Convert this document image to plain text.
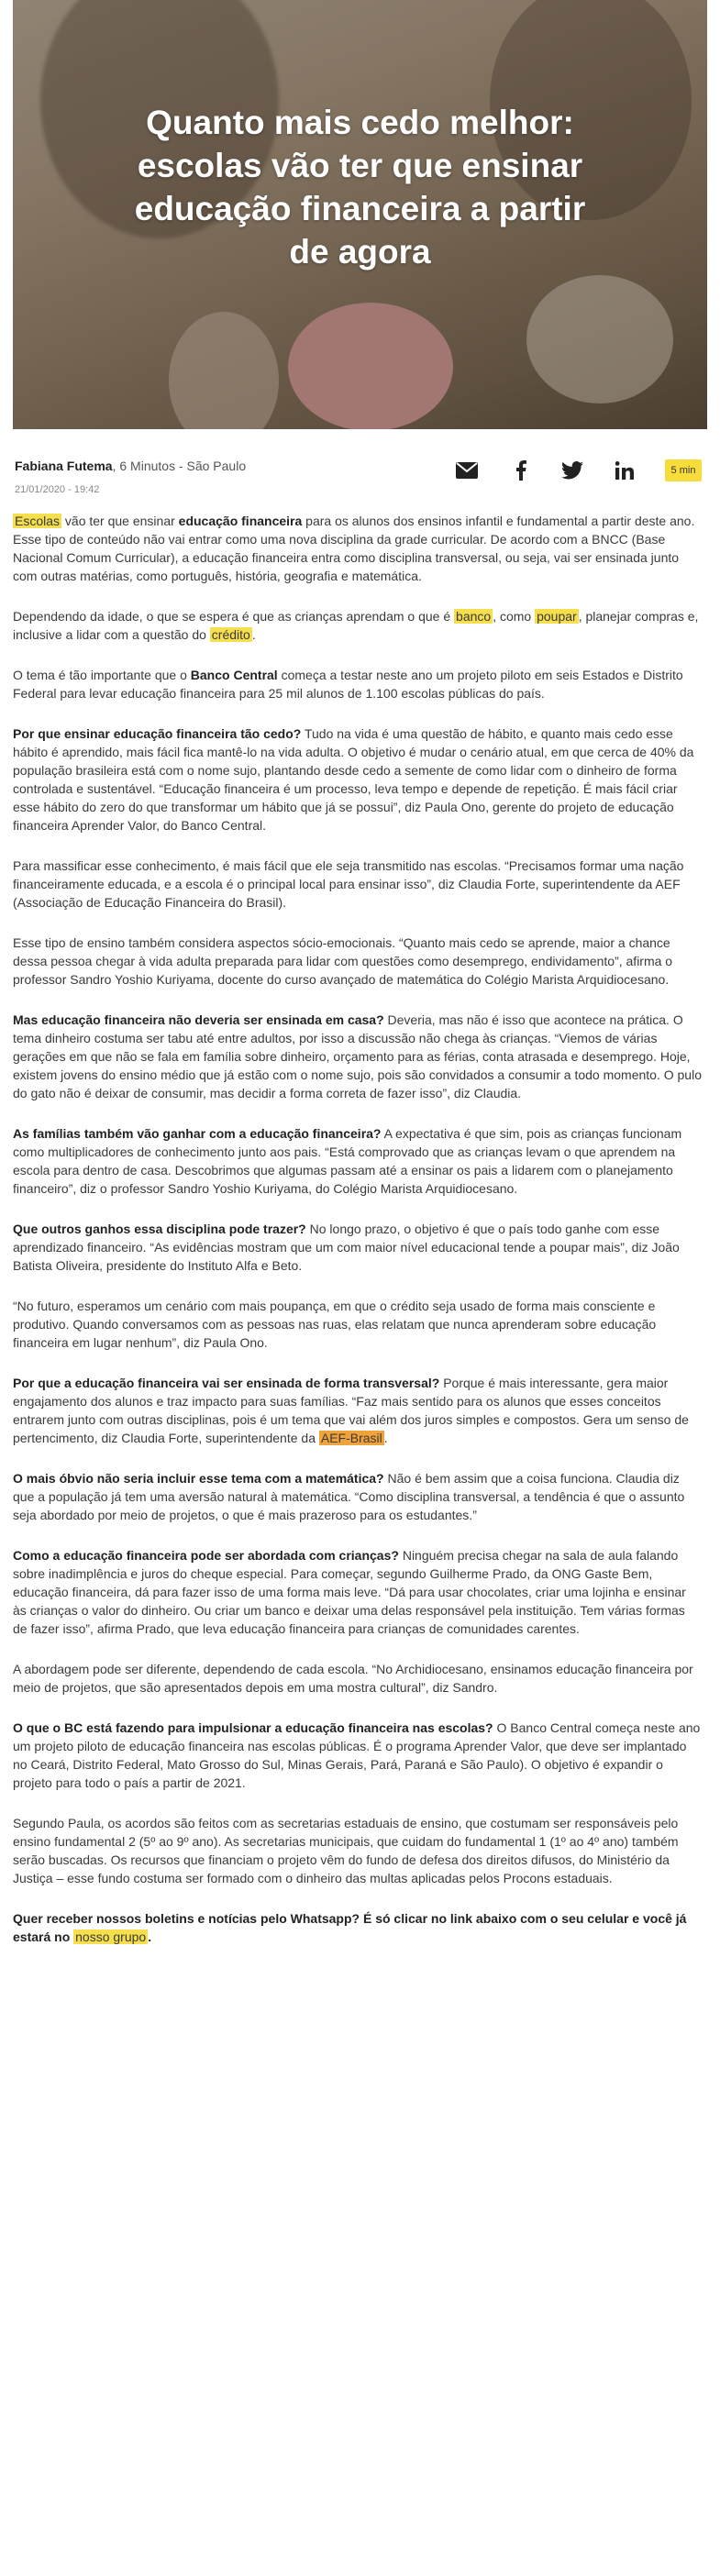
Quanto mais cedo melhor: escolas vão ter que ensinar educação financeira a partir de agora
Fabiana Futema, 6 Minutos - São Paulo
21/01/2020 - 19:42
5 min

Escolas vão ter que ensinar educação financeira para os alunos dos ensinos infantil e fundamental a partir deste ano. Esse tipo de conteúdo não vai entrar como uma nova disciplina da grade curricular. De acordo com a BNCC (Base Nacional Comum Curricular), a educação financeira entra como disciplina transversal, ou seja, vai ser ensinada junto com outras matérias, como português, história, geografia e matemática.

Dependendo da idade, o que se espera é que as crianças aprendam o que é banco , como poupar , planejar compras e, inclusive a lidar com a questão do crédito .

O tema é tão importante que o Banco Central começa a testar neste ano um projeto piloto em seis Estados e Distrito Federal para levar educação financeira para 25 mil alunos de 1.100 escolas públicas do país.

Por que ensinar educação financeira tão cedo? Tudo na vida é uma questão de hábito, e quanto mais cedo esse hábito é aprendido, mais fácil fica mantê-lo na vida adulta. O objetivo é mudar o cenário atual, em que cerca de 40% da população brasileira está com o nome sujo, plantando desde cedo a semente de como lidar com o dinheiro de forma controlada e sustentável. “Educação financeira é um processo, leva tempo e depende de repetição. É mais fácil criar esse hábito do zero do que transformar um hábito que já se possui”, diz Paula Ono, gerente do projeto de educação financeira Aprender Valor, do Banco Central.

Para massificar esse conhecimento, é mais fácil que ele seja transmitido nas escolas. “Precisamos formar uma nação financeiramente educada, e a escola é o principal local para ensinar isso”, diz Claudia Forte, superintendente da AEF (Associação de Educação Financeira do Brasil).

Esse tipo de ensino também considera aspectos sócio-emocionais. “Quanto mais cedo se aprende, maior a chance dessa pessoa chegar à vida adulta preparada para lidar com questões como desemprego, endividamento”, afirma o professor Sandro Yoshio Kuriyama, docente do curso avançado de matemática do Colégio Marista Arquidiocesano.

Mas educação financeira não deveria ser ensinada em casa? Deveria, mas não é isso que acontece na prática. O tema dinheiro costuma ser tabu até entre adultos, por isso a discussão não chega às crianças. “Viemos de várias gerações em que não se fala em família sobre dinheiro, orçamento para as férias, conta atrasada e desemprego. Hoje, existem jovens do ensino médio que já estão com o nome sujo, pois são convidados a consumir a todo momento. O pulo do gato não é deixar de consumir, mas decidir a forma correta de fazer isso”, diz Claudia.

As famílias também vão ganhar com a educação financeira? A expectativa é que sim, pois as crianças funcionam como multiplicadores de conhecimento junto aos pais. “Está comprovado que as crianças levam o que aprendem na escola para dentro de casa. Descobrimos que algumas passam até a ensinar os pais a lidarem com o planejamento financeiro”, diz o professor Sandro Yoshio Kuriyama, do Colégio Marista Arquidiocesano.

Que outros ganhos essa disciplina pode trazer? No longo prazo, o objetivo é que o país todo ganhe com esse aprendizado financeiro. “As evidências mostram que um com maior nível educacional tende a poupar mais”, diz João Batista Oliveira, presidente do Instituto Alfa e Beto.

“No futuro, esperamos um cenário com mais poupança, em que o crédito seja usado de forma mais consciente e produtivo. Quando conversamos com as pessoas nas ruas, elas relatam que nunca aprenderam sobre educação financeira em lugar nenhum”, diz Paula Ono.

Por que a educação financeira vai ser ensinada de forma transversal? Porque é mais interessante, gera maior engajamento dos alunos e traz impacto para suas famílias. “Faz mais sentido para os alunos que esses conceitos entrarem junto com outras disciplinas, pois é um tema que vai além dos juros simples e compostos. Gera um senso de pertencimento, diz Claudia Forte, superintendente da AEF-Brasil .

O mais óbvio não seria incluir esse tema com a matemática? Não é bem assim que a coisa funciona. Claudia diz que a população já tem uma aversão natural à matemática. “Como disciplina transversal, a tendência é que o assunto seja abordado por meio de projetos, o que é mais prazeroso para os estudantes.”

Como a educação financeira pode ser abordada com crianças? Ninguém precisa chegar na sala de aula falando sobre inadimplência e juros do cheque especial. Para começar, segundo Guilherme Prado, da ONG Gaste Bem, educação financeira, dá para fazer isso de uma forma mais leve. “Dá para usar chocolates, criar uma lojinha e ensinar às crianças o valor do dinheiro. Ou criar um banco e deixar uma delas responsável pela instituição. Tem várias formas de fazer isso”, afirma Prado, que leva educação financeira para crianças de comunidades carentes.

A abordagem pode ser diferente, dependendo de cada escola. “No Archidiocesano, ensinamos educação financeira por meio de projetos, que são apresentados depois em uma mostra cultural”, diz Sandro.

O que o BC está fazendo para impulsionar a educação financeira nas escolas? O Banco Central começa neste ano um projeto piloto de educação financeira nas escolas públicas. É o programa Aprender Valor, que deve ser implantado no Ceará, Distrito Federal, Mato Grosso do Sul, Minas Gerais, Pará, Paraná e São Paulo). O objetivo é expandir o projeto para todo o país a partir de 2021.

Segundo Paula, os acordos são feitos com as secretarias estaduais de ensino, que costumam ser responsáveis pelo ensino fundamental 2 (5º ao 9º ano). As secretarias municipais, que cuidam do fundamental 1 (1º ao 4º ano) também serão buscadas. Os recursos que financiam o projeto vêm do fundo de defesa dos direitos difusos, do Ministério da Justiça – esse fundo costuma ser formado com o dinheiro das multas aplicadas pelos Procons estaduais.

Quer receber nossos boletins e notícias pelo Whatsapp? É só clicar no link abaixo com o seu celular e você já estará no nosso grupo .
